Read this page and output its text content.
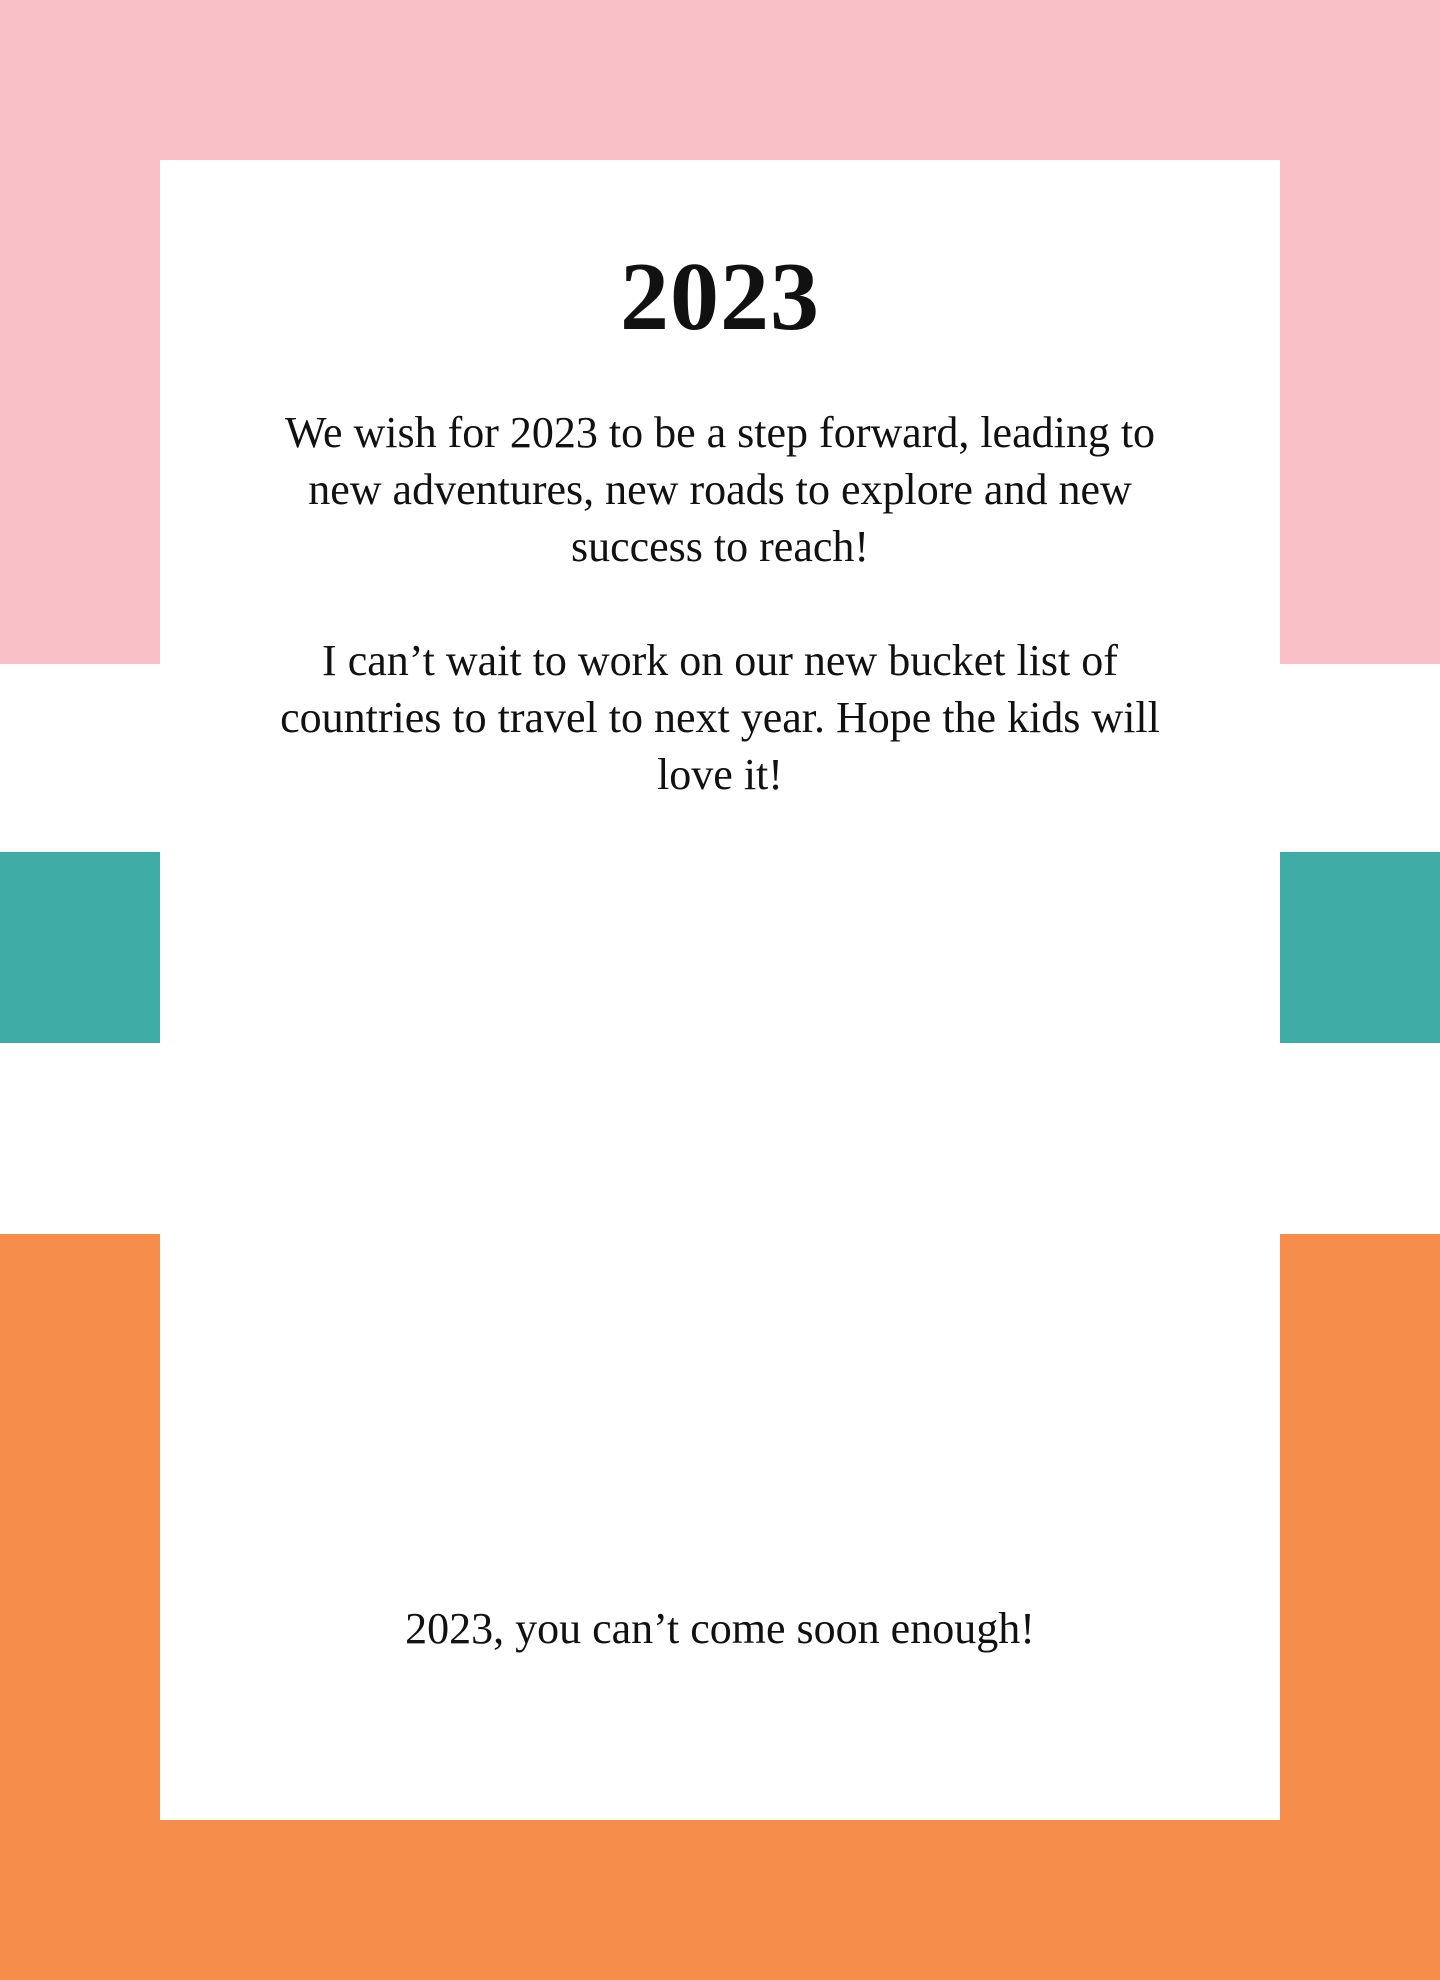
2023

We wish for 2023 to be a step forward, leading to new adventures, new roads to explore and new success to reach!

I can’t wait to work on our new bucket list of countries to travel to next year. Hope the kids will love it!

2023, you can’t come soon enough!
